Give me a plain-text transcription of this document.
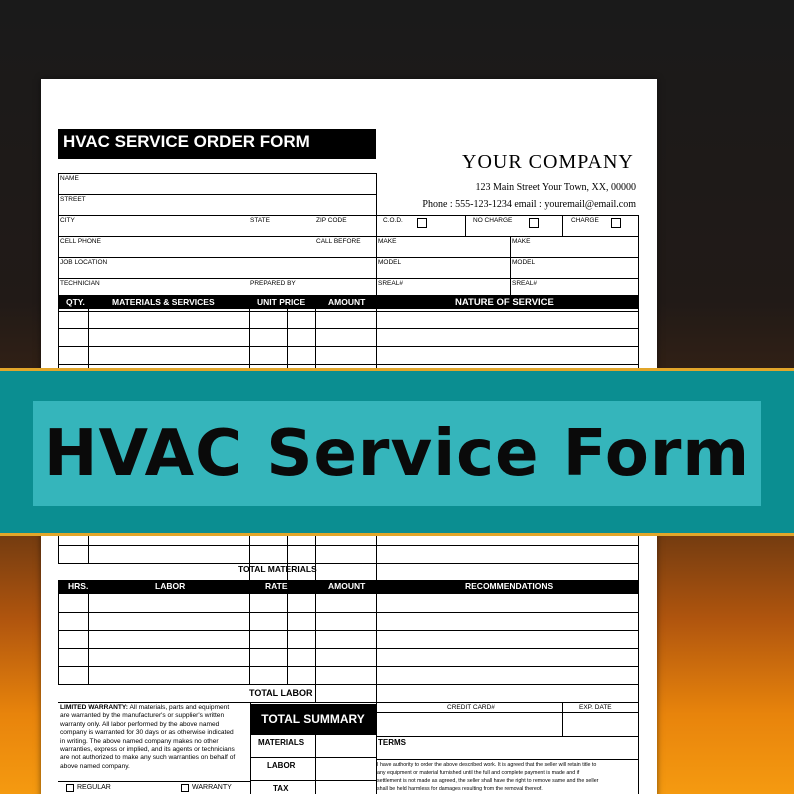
HVAC SERVICE ORDER FORM
YOUR COMPANY
123 Main Street Your Town, XX, 00000
Phone : 555-123-1234 email : youremail@email.com
NAME
STREET
CITY	STATE	ZIP CODE
CELL PHONE	CALL BEFORE
JOB LOCATION
TECHNICIAN	PREPARED BY
C.O.D.	NO CHARGE	CHARGE
MAKE	MAKE
MODEL	MODEL
SREAL#	SREAL#
QTY.	MATERIALS & SERVICES	UNIT PRICE	AMOUNT	NATURE OF SERVICE
TOTAL MATERIALS
HRS.	LABOR	RATE	AMOUNT	RECOMMENDATIONS
TOTAL LABOR
LIMITED WARRANTY: All materials, parts and equipment
are warranted by the manufacturer's or supplier's written
warranty only. All labor performed by the above named
company is warranted for 30 days or as otherwise indicated
in writing. The above named company makes no other
warranties, express or implied, and its agents or technicians
are not authorized to make any such warranties on behalf of
above named company.
REGULAR	WARRANTY
TOTAL SUMMARY
MATERIALS
LABOR
TAX
CREDIT CARD#	EXP. DATE
TERMS
I have authority to order the above described work. It is agreed that the seller will retain title to
any equipment or material furnished until the full and complete payment is made and if
settlement is not made as agreed, the seller shall have the right to remove same and the seller
shall be held harmless for damages resulting from the removal thereof.
HVAC Service Form
